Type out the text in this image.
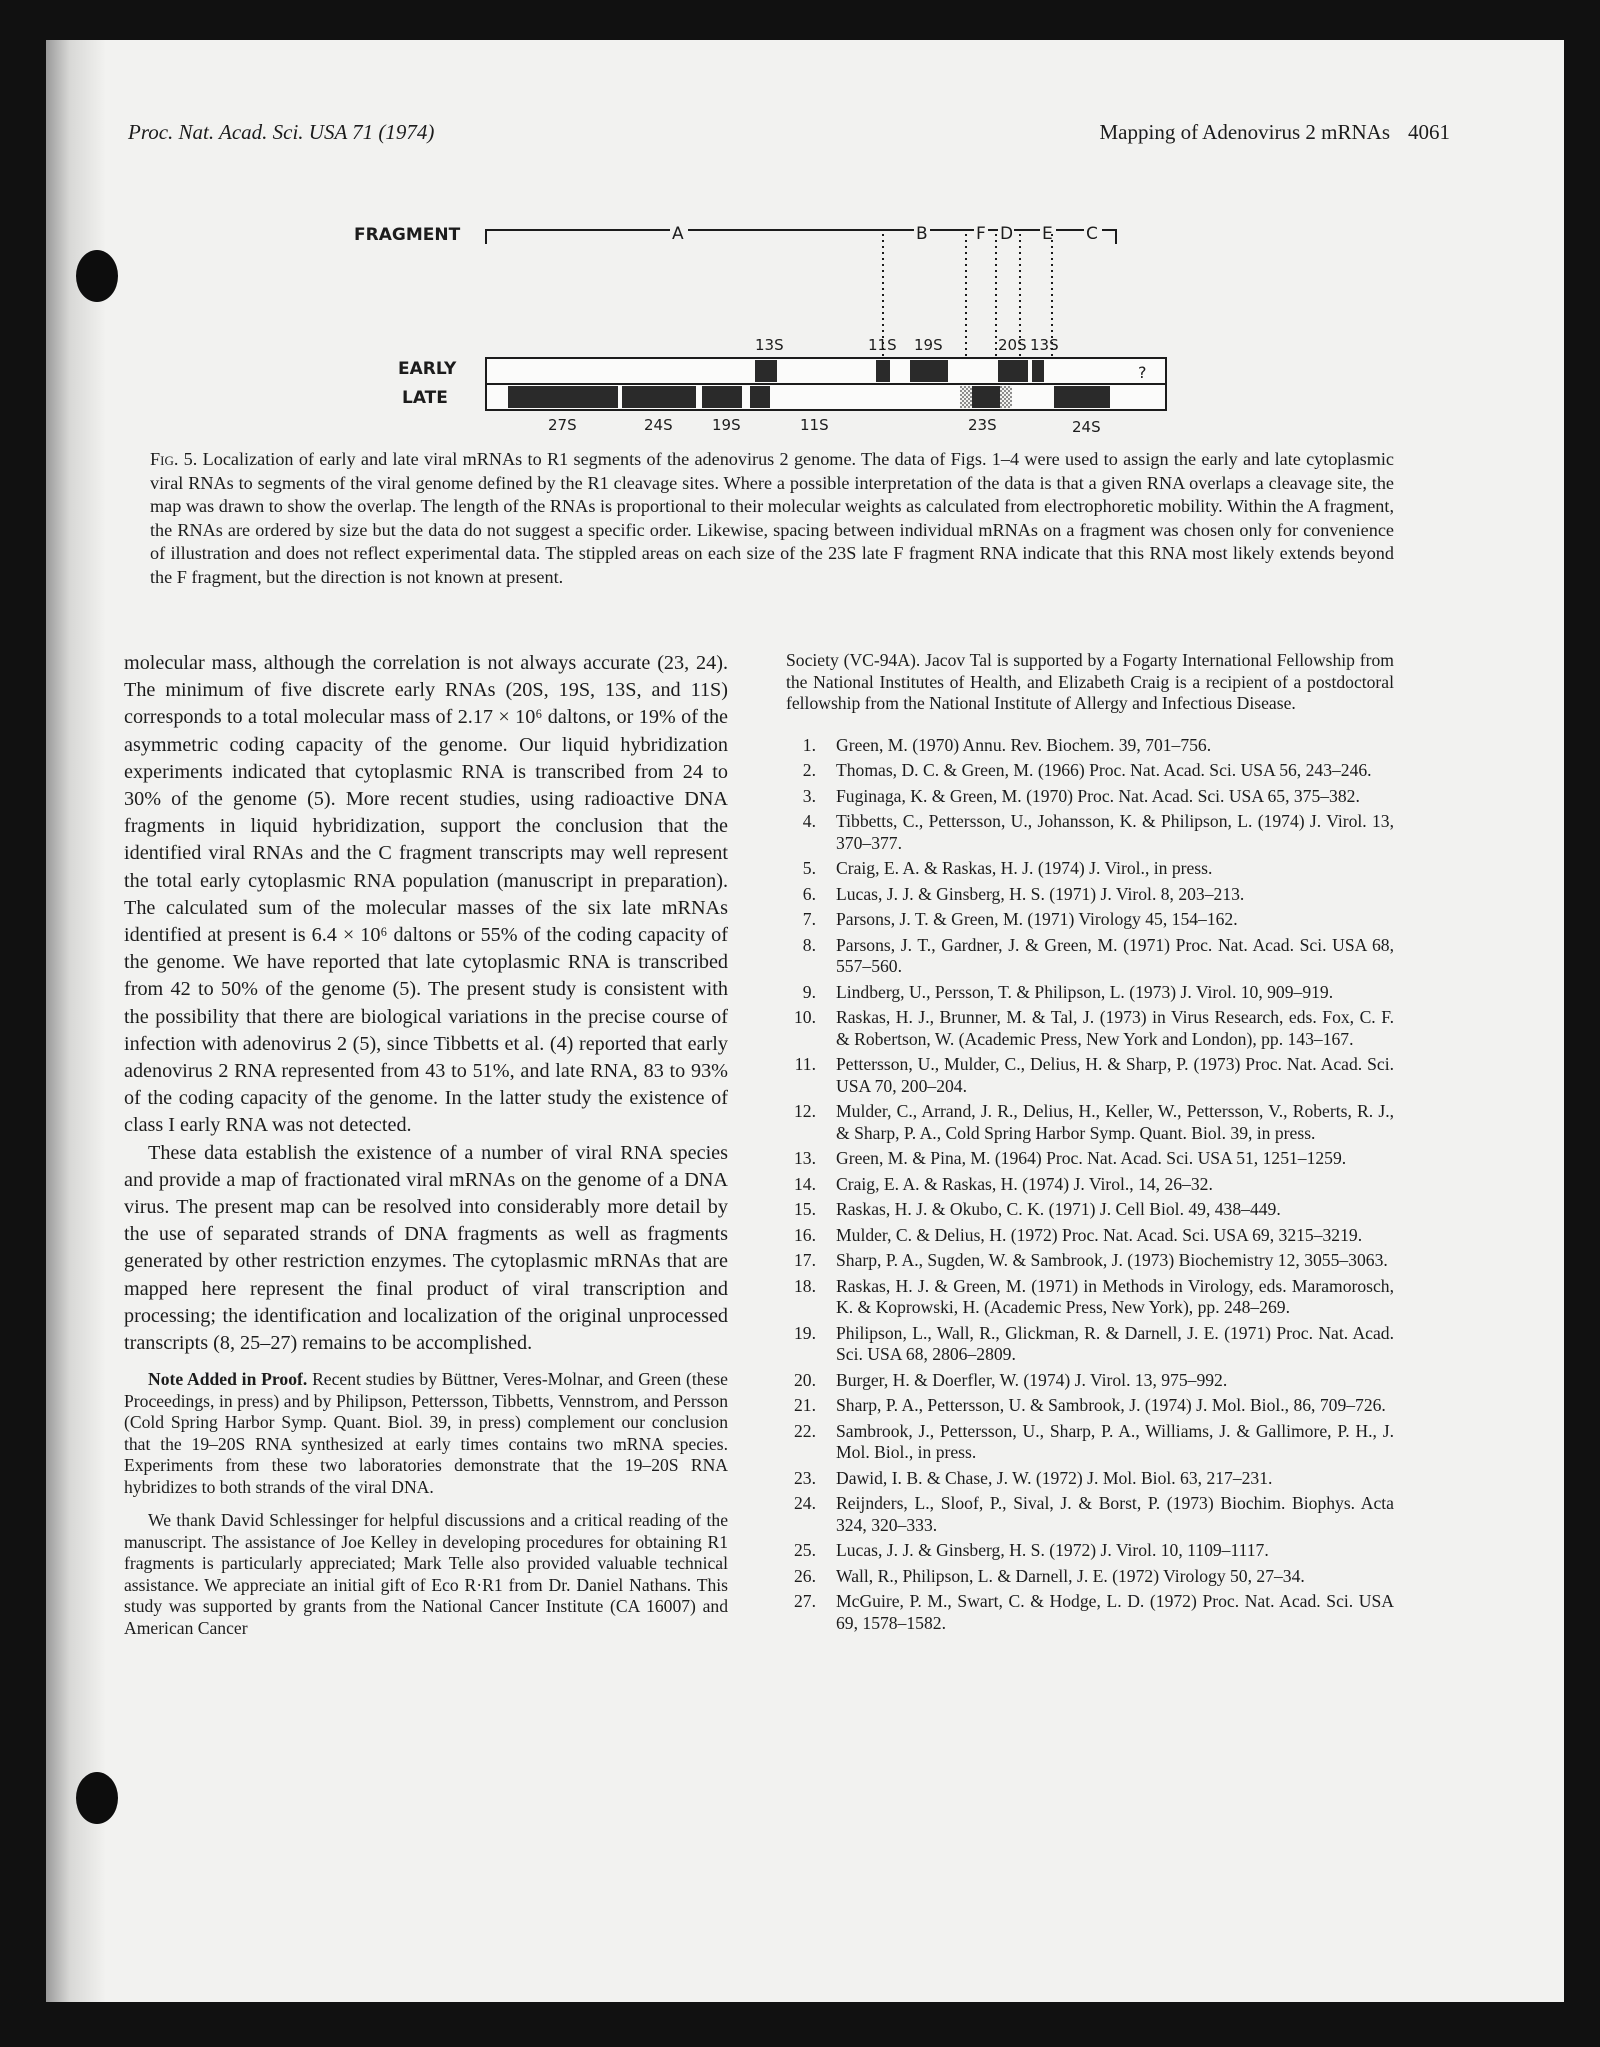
Proc. Nat. Acad. Sci. USA 71 (1974)	Mapping of Adenovirus 2 mRNAs 4061
FRAGMENT	A	B	F D E C
EARLY
13S	11S 19S	20S 13S
?
LATE
27S	24S	19S	11S	23S	24S
Fig. 5. Localization of early and late viral mRNAs to R1 segments of the adenovirus 2 genome. The data of Figs. 1–4 were used to assign the early and late cytoplasmic viral RNAs to segments of the viral genome defined by the R1 cleavage sites. Where a possible interpretation of the data is that a given RNA overlaps a cleavage site, the map was drawn to show the overlap. The length of the RNAs is proportional to their molecular weights as calculated from electrophoretic mobility. Within the A fragment, the RNAs are ordered by size but the data do not suggest a specific order. Likewise, spacing between individual mRNAs on a fragment was chosen only for convenience of illustration and does not reflect experimental data. The stippled areas on each size of the 23S late F fragment RNA indicate that this RNA most likely extends beyond the F fragment, but the direction is not known at present.

molecular mass, although the correlation is not always accurate (23, 24). The minimum of five discrete early RNAs (20S, 19S, 13S, and 11S) corresponds to a total molecular mass of 2.17 × 10⁶ daltons, or 19% of the asymmetric coding capacity of the genome. Our liquid hybridization experiments indicated that cytoplasmic RNA is transcribed from 24 to 30% of the genome (5). More recent studies, using radioactive DNA fragments in liquid hybridization, support the conclusion that the identified viral RNAs and the C fragment transcripts may well represent the total early cytoplasmic RNA population (manuscript in preparation). The calculated sum of the molecular masses of the six late mRNAs identified at present is 6.4 × 10⁶ daltons or 55% of the coding capacity of the genome. We have reported that late cytoplasmic RNA is transcribed from 42 to 50% of the genome (5). The present study is consistent with the possibility that there are biological variations in the precise course of infection with adenovirus 2 (5), since Tibbetts et al. (4) reported that early adenovirus 2 RNA represented from 43 to 51%, and late RNA, 83 to 93% of the coding capacity of the genome. In the latter study the existence of class I early RNA was not detected.

These data establish the existence of a number of viral RNA species and provide a map of fractionated viral mRNAs on the genome of a DNA virus. The present map can be resolved into considerably more detail by the use of separated strands of DNA fragments as well as fragments generated by other restriction enzymes. The cytoplasmic mRNAs that are mapped here represent the final product of viral transcription and processing; the identification and localization of the original unprocessed transcripts (8, 25–27) remains to be accomplished.

Note Added in Proof. Recent studies by Büttner, Veres-Molnar, and Green (these Proceedings, in press) and by Philipson, Pettersson, Tibbetts, Vennstrom, and Persson (Cold Spring Harbor Symp. Quant. Biol. 39, in press) complement our conclusion that the 19–20S RNA synthesized at early times contains two mRNA species. Experiments from these two laboratories demonstrate that the 19–20S RNA hybridizes to both strands of the viral DNA.

We thank David Schlessinger for helpful discussions and a critical reading of the manuscript. The assistance of Joe Kelley in developing procedures for obtaining R1 fragments is particularly appreciated; Mark Telle also provided valuable technical assistance. We appreciate an initial gift of Eco R·R1 from Dr. Daniel Nathans. This study was supported by grants from the National Cancer Institute (CA 16007) and American Cancer

Society (VC-94A). Jacov Tal is supported by a Fogarty International Fellowship from the National Institutes of Health, and Elizabeth Craig is a recipient of a postdoctoral fellowship from the National Institute of Allergy and Infectious Disease.

1. Green, M. (1970) Annu. Rev. Biochem. 39, 701–756.
2. Thomas, D. C. & Green, M. (1966) Proc. Nat. Acad. Sci. USA 56, 243–246.
3. Fuginaga, K. & Green, M. (1970) Proc. Nat. Acad. Sci. USA 65, 375–382.
4. Tibbetts, C., Pettersson, U., Johansson, K. & Philipson, L. (1974) J. Virol. 13, 370–377.
5. Craig, E. A. & Raskas, H. J. (1974) J. Virol., in press.
6. Lucas, J. J. & Ginsberg, H. S. (1971) J. Virol. 8, 203–213.
7. Parsons, J. T. & Green, M. (1971) Virology 45, 154–162.
8. Parsons, J. T., Gardner, J. & Green, M. (1971) Proc. Nat. Acad. Sci. USA 68, 557–560.
9. Lindberg, U., Persson, T. & Philipson, L. (1973) J. Virol. 10, 909–919.
10. Raskas, H. J., Brunner, M. & Tal, J. (1973) in Virus Research, eds. Fox, C. F. & Robertson, W. (Academic Press, New York and London), pp. 143–167.
11. Pettersson, U., Mulder, C., Delius, H. & Sharp, P. (1973) Proc. Nat. Acad. Sci. USA 70, 200–204.
12. Mulder, C., Arrand, J. R., Delius, H., Keller, W., Pettersson, V., Roberts, R. J., & Sharp, P. A., Cold Spring Harbor Symp. Quant. Biol. 39, in press.
13. Green, M. & Pina, M. (1964) Proc. Nat. Acad. Sci. USA 51, 1251–1259.
14. Craig, E. A. & Raskas, H. (1974) J. Virol., 14, 26–32.
15. Raskas, H. J. & Okubo, C. K. (1971) J. Cell Biol. 49, 438–449.
16. Mulder, C. & Delius, H. (1972) Proc. Nat. Acad. Sci. USA 69, 3215–3219.
17. Sharp, P. A., Sugden, W. & Sambrook, J. (1973) Biochemistry 12, 3055–3063.
18. Raskas, H. J. & Green, M. (1971) in Methods in Virology, eds. Maramorosch, K. & Koprowski, H. (Academic Press, New York), pp. 248–269.
19. Philipson, L., Wall, R., Glickman, R. & Darnell, J. E. (1971) Proc. Nat. Acad. Sci. USA 68, 2806–2809.
20. Burger, H. & Doerfler, W. (1974) J. Virol. 13, 975–992.
21. Sharp, P. A., Pettersson, U. & Sambrook, J. (1974) J. Mol. Biol., 86, 709–726.
22. Sambrook, J., Pettersson, U., Sharp, P. A., Williams, J. & Gallimore, P. H., J. Mol. Biol., in press.
23. Dawid, I. B. & Chase, J. W. (1972) J. Mol. Biol. 63, 217–231.
24. Reijnders, L., Sloof, P., Sival, J. & Borst, P. (1973) Biochim. Biophys. Acta 324, 320–333.
25. Lucas, J. J. & Ginsberg, H. S. (1972) J. Virol. 10, 1109–1117.
26. Wall, R., Philipson, L. & Darnell, J. E. (1972) Virology 50, 27–34.
27. McGuire, P. M., Swart, C. & Hodge, L. D. (1972) Proc. Nat. Acad. Sci. USA 69, 1578–1582.
